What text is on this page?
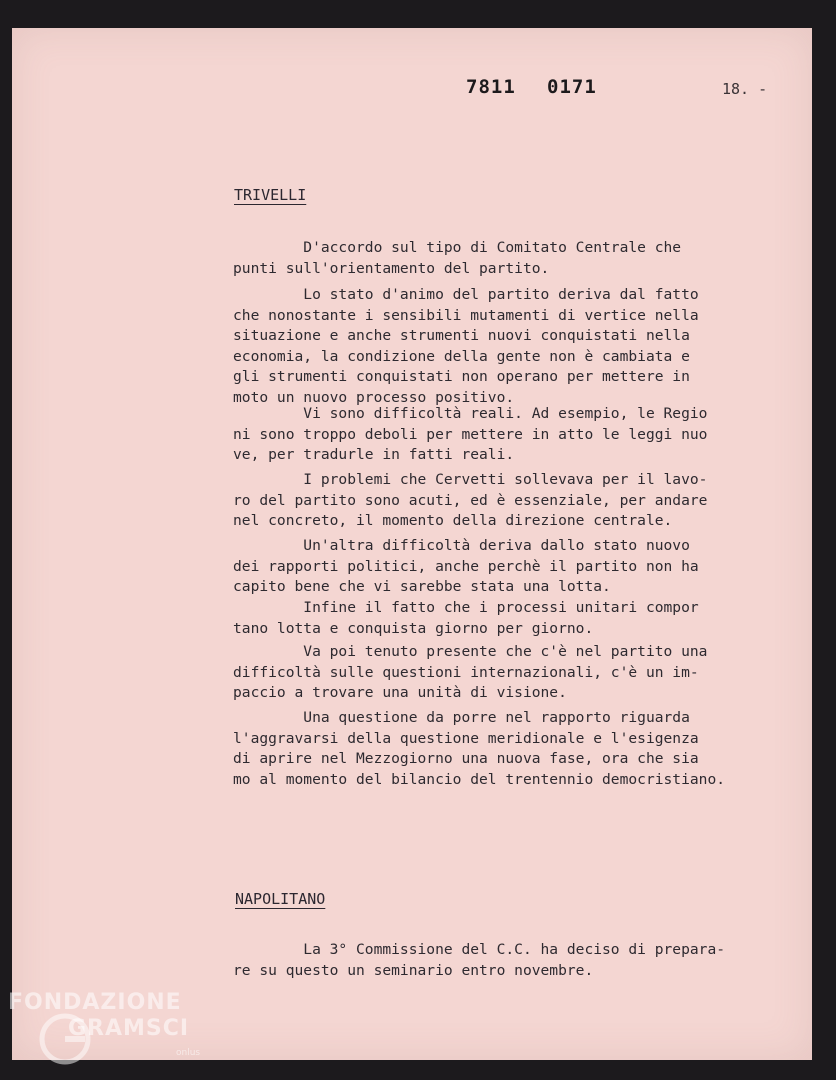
7811 0171	18. -
TRIVELLI

D'accordo sul tipo di Comitato Centrale che
punti sull'orientamento del partito.

Lo stato d'animo del partito deriva dal fatto
che nonostante i sensibili mutamenti di vertice nella
situazione e anche strumenti nuovi conquistati nella
economia, la condizione della gente non è cambiata e
gli strumenti conquistati non operano per mettere in
moto un nuovo processo positivo.

Vi sono difficoltà reali. Ad esempio, le Regio
ni sono troppo deboli per mettere in atto le leggi nuo
ve, per tradurle in fatti reali.

I problemi che Cervetti sollevava per il lavo-
ro del partito sono acuti, ed è essenziale, per andare
nel concreto, il momento della direzione centrale.

Un'altra difficoltà deriva dallo stato nuovo
dei rapporti politici, anche perchè il partito non ha
capito bene che vi sarebbe stata una lotta.

Infine il fatto che i processi unitari compor
tano lotta e conquista giorno per giorno.

Va poi tenuto presente che c'è nel partito una
difficoltà sulle questioni internazionali, c'è un im-
paccio a trovare una unità di visione.

Una questione da porre nel rapporto riguarda
l'aggravarsi della questione meridionale e l'esigenza
di aprire nel Mezzogiorno una nuova fase, ora che sia
mo al momento del bilancio del trentennio democristiano.

NAPOLITANO

La 3° Commissione del C.C. ha deciso di prepara-
re su questo un seminario entro novembre.

FONDAZIONE
GRAMSCI
onlus
